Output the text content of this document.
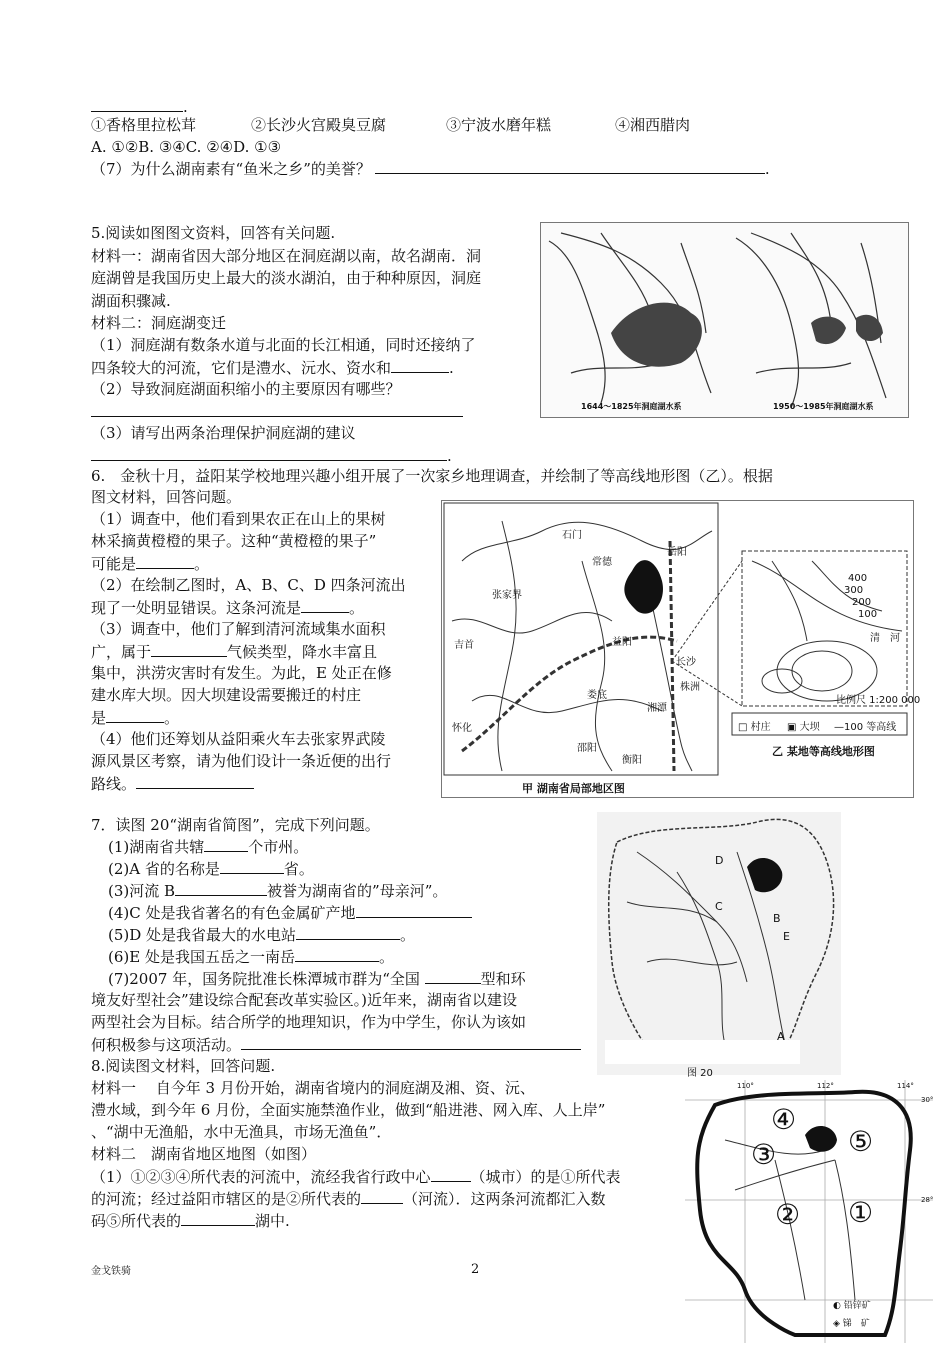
.
①香格里拉松茸	②长沙火宫殿臭豆腐	③宁波水磨年糕	④湘西腊肉
A. ①②B. ③④C. ②④D. ①③
（7）为什么湖南素有“鱼米之乡”的美誉？	.
5.阅读如图图文资料，回答有关问题.
材料一：湖南省因大部分地区在洞庭湖以南，故名湖南．洞
庭湖曾是我国历史上最大的淡水湖泊，由于种种原因，洞庭
湖面积骤减.
材料二：洞庭湖变迁
（1）洞庭湖有数条水道与北面的长江相通，同时还接纳了
四条较大的河流，它们是澧水、沅水、资水和	.
（2）导致洞庭湖面积缩小的主要原因有哪些？
（3）请写出两条治理保护洞庭湖的建议
.
1644～1825年洞庭湖水系	1950～1985年洞庭湖水系
6.　金秋十月，益阳某学校地理兴趣小组开展了一次家乡地理调查，并绘制了等高线地形图（乙）。根据
图文材料，回答问题。
（1）调查中，他们看到果农正在山上的果树
林采摘黄橙橙的果子。这种“黄橙橙的果子”
可能是	。
（2）在绘制乙图时，A、B、C、D 四条河流出
现了一处明显错误。这条河流是	。
（3）调查中，他们了解到清河流域集水面积
广，属于	气候类型，降水丰富且
集中，洪涝灾害时有发生。为此，E 处正在修
建水库大坝。因大坝建设需要搬迁的村庄
是	。
（4）他们还筹划从益阳乘火车去张家界武陵
源风景区考察，请为他们设计一条近便的出行
路线。
石门
常德
岳阳
张家界
吉首	益阳
长沙
株洲
娄底
湘潭
怀化
邵阳
衡阳
400
300
200
100
清　河
比例尺 1:200 000
□ 村庄 ▣ 大坝 —100 等高线
甲 湖南省局部地区图
乙 某地等高线地形图
7．读图 20“湖南省简图”，完成下列问题。
(1)湖南省共辖	个市州。
(2)A 省的名称是	省。
(3)河流 B	被誉为湖南省的”母亲河”。
(4)C 处是我省著名的有色金属矿产地
(5)D 处是我省最大的水电站	。
(6)E 处是我国五岳之一南岳	。
(7)2007 年，国务院批准长株潭城市群为“全国	型和环
境友好型社会”建设综合配套改革实验区。)近年来，湖南省以建设
两型社会为目标。结合所学的地理知识，作为中学生，你认为该如
何积极参与这项活动。
D
C
B
E
A
图 20
8.阅读图文材料，回答问题.
材料一　 自今年 3 月份开始，湖南省境内的洞庭湖及湘、资、沅、
澧水域，到今年 6 月份，全面实施禁渔作业，做到“船进港、网入库、人上岸”
、“湖中无渔船，水中无渔具，市场无渔鱼”．
材料二　湖南省地区地图（如图）
（1）①②③④所代表的河流中，流经我省行政中心	（城市）的是①所代表
的河流；经过益阳市辖区的是②所代表的	（河流）．这两条河流都汇入数
码⑤所代表的	湖中.
④
③	⑤
② ①
110°	112°	114°
30°
28°
◐ 铅锌矿
◈ 锑　矿
金戈铁骑	2
